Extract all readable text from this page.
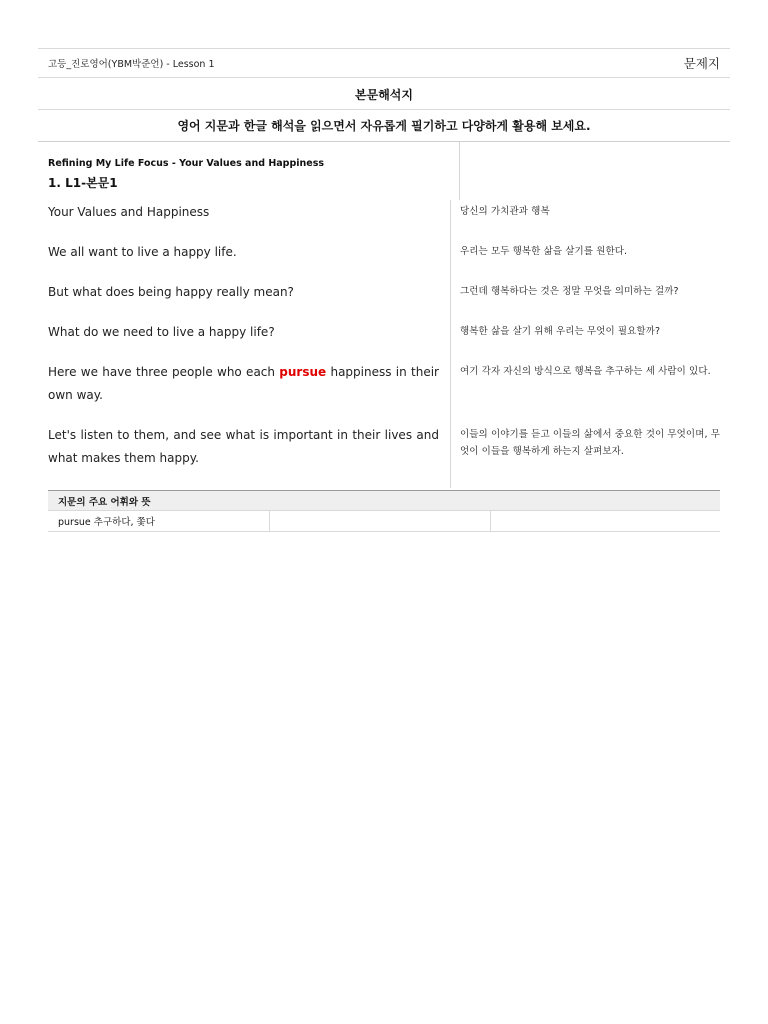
고등_진로영어(YBM박준언) - Lesson 1	문제지
본문해석지
영어 지문과 한글 해석을 읽으면서 자유롭게 필기하고 다양하게 활용해 보세요.
Refining My Life Focus - Your Values and Happiness
1. L1-본문1
Your Values and Happiness
We all want to live a happy life.
But what does being happy really mean?
What do we need to live a happy life?
Here we have three people who each pursue happiness in their own way.
Let's listen to them, and see what is important in their lives and what makes them happy.
당신의 가치관과 행복
우리는 모두 행복한 삶을 살기를 원한다.
그런데 행복하다는 것은 정말 무엇을 의미하는 걸까?
행복한 삶을 살기 위해 우리는 무엇이 필요할까?
여기 각자 자신의 방식으로 행복을 추구하는 세 사람이 있다.
이들의 이야기를 듣고 이들의 삶에서 중요한 것이 무엇이며, 무엇이 이들을 행복하게 하는지 살펴보자.
지문의 주요 어휘와 뜻
pursue 추구하다, 쫓다
